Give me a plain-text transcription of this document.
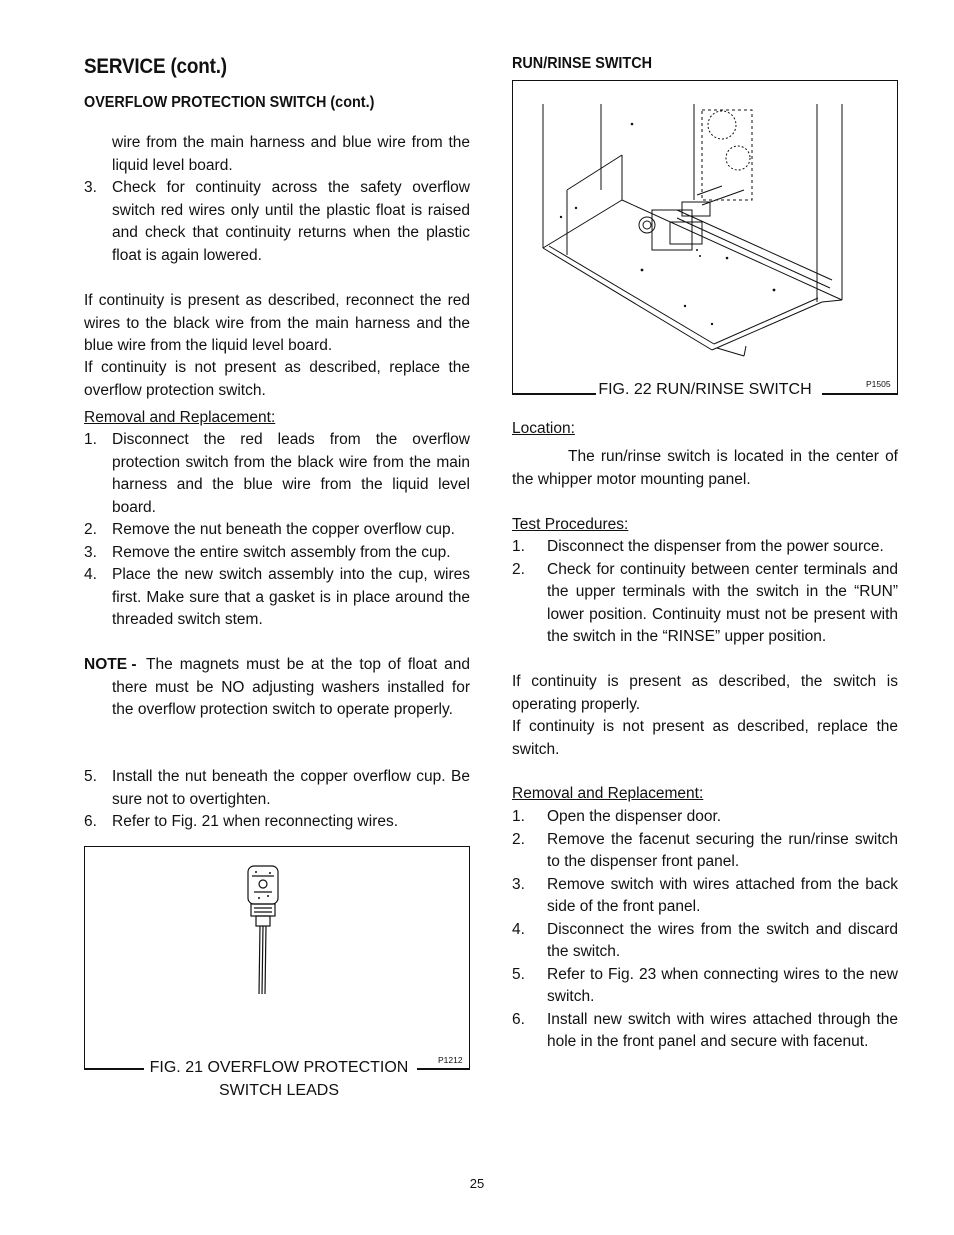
SERVICE (cont.)
OVERFLOW PROTECTION SWITCH (cont.)
RUN/RINSE SWITCH
wire from the main harness and blue wire from the liquid level board.
3. Check for continuity across the safety overflow switch red wires only until the plastic float is raised and check that continuity returns when the plastic float is again lowered.
If continuity is present as described, reconnect the red wires to the black wire from the main harness and the blue wire from the liquid level board.
If continuity is not present as described, replace the overflow protection switch.
Removal and Replacement:
1. Disconnect the red leads from the overflow protection switch from the black wire from the main harness and the blue wire from the liquid level board.
2. Remove the nut beneath the copper overflow cup.
3. Remove the entire switch assembly from the cup.
4. Place the new switch assembly into the cup, wires first. Make sure that a gasket is in place around the threaded switch stem.
NOTE - The magnets must be at the top of float and there must be NO adjusting washers installed for the overflow protection switch to operate properly.
5. Install the nut beneath the copper overflow cup. Be sure not to overtighten.
6. Refer to Fig. 21 when reconnecting wires.
FIG. 21 OVERFLOW PROTECTION
SWITCH LEADS
P1212
FIG. 22 RUN/RINSE SWITCH	P1505
Location:
The run/rinse switch is located in the center of the whipper motor mounting panel.
Test Procedures:
1. Disconnect the dispenser from the power source.
2. Check for continuity between center terminals and the upper terminals with the switch in the “RUN” lower position. Continuity must not be present with the switch in the “RINSE” upper position.
If continuity is present as described, the switch is operating properly.
If continuity is not present as described, replace the switch.
Removal and Replacement:
1. Open the dispenser door.
2. Remove the facenut securing the run/rinse switch to the dispenser front panel.
3. Remove switch with wires attached from the back side of the front panel.
4. Disconnect the wires from the switch and discard the switch.
5. Refer to Fig. 23 when connecting wires to the new switch.
6. Install new switch with wires attached through the hole in the front panel and secure with facenut.
25
